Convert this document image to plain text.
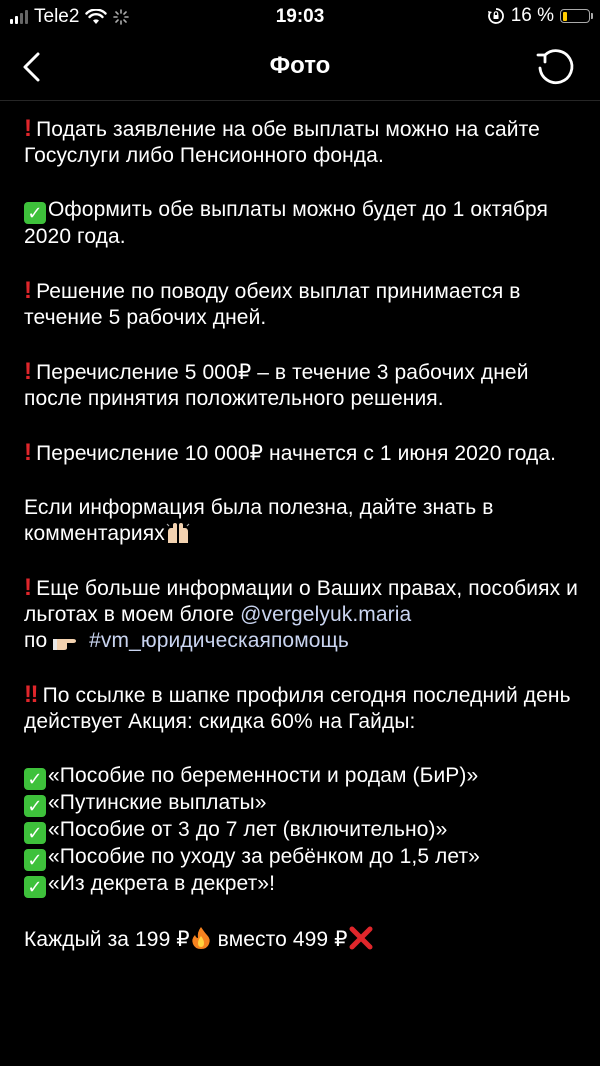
Tele2	19:03	16 %
Фото

! Подать заявление на обе выплаты можно на сайте Госуслуги либо Пенсионного фонда.

✓ Оформить обе выплаты можно будет до 1 октября 2020 года.

! Решение по поводу обеих выплат принимается в течение 5 рабочих дней.

! Перечисление 5 000₽ – в течение 3 рабочих дней после принятия положительного решения.

! Перечисление 10 000₽ начнется с 1 июня 2020 года.

Если информация была полезна, дайте знать в комментариях

! Еще больше информации о Ваших правах, пособиях и льготах в моем блоге @vergelyuk.maria
по #vm_юридическаяпомощь

‼ По ссылке в шапке профиля сегодня последний день действует Акция: скидка 60% на Гайды:

✓ «Пособие по беременности и родам (БиР)»

✓ «Путинские выплаты»

✓ «Пособие от 3 до 7 лет (включительно)»

✓ «Пособие по уходу за ребёнком до 1,5 лет»

✓ «Из декрета в декрет»!

Каждый за 199 ₽ вместо 499 ₽
